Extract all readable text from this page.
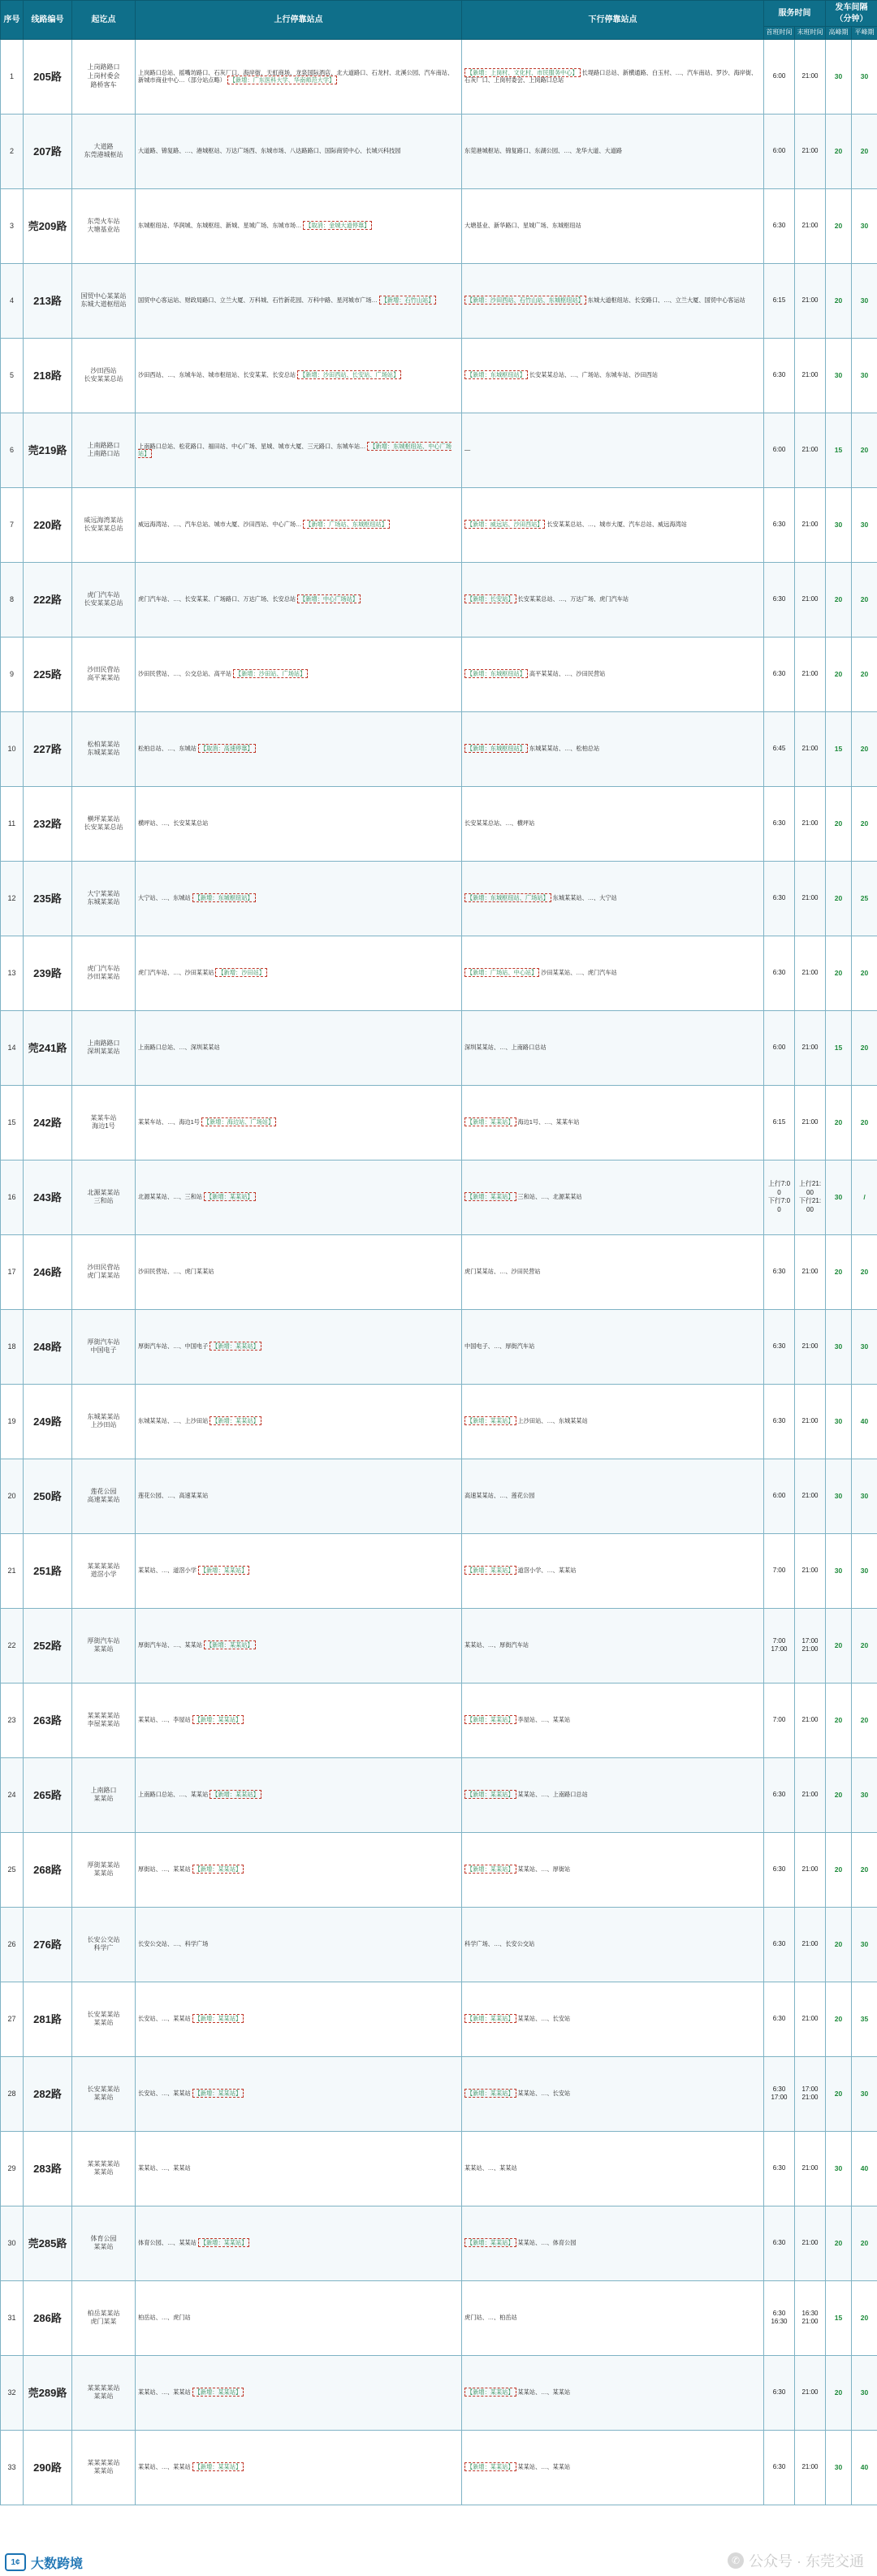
序号	线路编号	起讫点	上行停靠站点	下行停靠站点	服务时间		发车间隔
（分钟）	
					首班时间	末班时间	高峰期	平峰期
1	205路	上岗路路口
上岗村委会
路桥客车	上岗路口总站、摇嘴坊路口、石灰厂口、海岸街、天虹商场、龙泉国际酒店、北大道路口、石龙村、北溪公园、汽车南站、新城市商业中心…（部分站点略） 【新增：广东医科大学、华南师范大学】	【新增：上岗村、文化村、市民服务中心】 长堤路口总站、新横通路、白玉村、…、汽车南站、罗沙、海岸街、石灰厂口、上岗村委会、上岗路口总站	6:00	21:00	30	30
2	207路	大道路
东莞港城枢站	大道路、锦复路、…、港城枢站、万达广场西、东城市场、八达路路口、国际商贸中心、长城兴科技园	东莞港城枢站、锦复路口、东湖公园、…、龙华大道、大道路	6:00	21:00	20	20
3	莞209路	东莞火车站
大塘基业站	东城枢纽站、华润城、东城枢纽、新城、星城广场、东城市场… 【取消：金城大道停靠】	大塘基业、新华路口、星城广场、东城枢纽站	6:30	21:00	20	30
4	213路	国贸中心某某站
东城大道枢纽站	国贸中心客运站、财政局路口、立兰大厦、万科城、石竹新花园、万科中路、星河城市广场… 【新增：石竹山站】	【新增：沙田西站、石竹山站、东城枢纽站】 东城大道枢纽站、长安路口、…、立兰大厦、国贸中心客运站	6:15	21:00	20	30
5	218路	沙田西站
长安某某总站	沙田西站、…、东城车站、城市枢纽站、长安某某、长安总站 【新增：沙田西站、长安站、广场站】	【新增：东城枢纽站】 长安某某总站、…、广场站、东城车站、沙田西站	6:30	21:00	30	30
6	莞219路	上南路路口
上南路口站	上南路口总站、松花路口、福田站、中心广场、星城、城市大厦、三元路口、东城车站… 【新增：东城枢纽站、中心广场站】	—	6:00	21:00	15	20
7	220路	威远海湾某站
长安某某总站	威远海湾站、…、汽车总站、城市大厦、沙田西站、中心广场… 【新增：广场站、东城枢纽站】	【新增：威远站、沙田西站】 长安某某总站、…、城市大厦、汽车总站、威远海湾站	6:30	21:00	30	30
8	222路	虎门汽车站
长安某某总站	虎门汽车站、…、长安某某、广场路口、万达广场、长安总站 【新增：中心广场站】	【新增：长安站】 长安某某总站、…、万达广场、虎门汽车站	6:30	21:00	20	20
9	225路	沙田民营站
高平某某站	沙田民营站、…、公交总站、高平站 【新增：沙田站、广场站】	【新增：东城枢纽站】 高平某某站、…、沙田民营站	6:30	21:00	20	20
10	227路	松柏某某站
东城某某站	松柏总站、…、东城站 【取消：高速停靠】	【新增：东城枢纽站】 东城某某站、…、松柏总站	6:45	21:00	15	20
11	232路	横坪某某站
长安某某总站	横坪站、…、长安某某总站	长安某某总站、…、横坪站	6:30	21:00	20	20
12	235路	大宁某某站
东城某某站	大宁站、…、东城站 【新增：东城枢纽站】	【新增：东城枢纽站、广场站】 东城某某站、…、大宁站	6:30	21:00	20	25
13	239路	虎门汽车站
沙田某某站	虎门汽车站、…、沙田某某站 【新增：沙田站】	【新增：广场站、中心站】 沙田某某站、…、虎门汽车站	6:30	21:00	20	20
14	莞241路	上南路路口
深圳某某站	上南路口总站、…、深圳某某站	深圳某某站、…、上南路口总站	6:00	21:00	15	20
15	242路	某某车站
海边1号	某某车站、…、海边1号 【新增：海边站、广场站】	【新增：某某站】 海边1号、…、某某车站	6:15	21:00	20	20
16	243路	北源某某站
三和站	北源某某站、…、三和站 【新增：某某站】	【新增：某某站】 三和站、…、北源某某站	上行7:00
下行7:00	上行21:00
下行21:00	30	/
17	246路	沙田民营站
虎门某某站	沙田民营站、…、虎门某某站	虎门某某站、…、沙田民营站	6:30	21:00	20	20
18	248路	厚街汽车站
中国电子	厚街汽车站、…、中国电子 【新增：某某站】	中国电子、…、厚街汽车站	6:30	21:00	30	30
19	249路	东城某某站
上沙田站	东城某某站、…、上沙田站 【新增：某某站】	【新增：某某站】 上沙田站、…、东城某某站	6:30	21:00	30	40
20	250路	莲花公园
高速某某站	莲花公园、…、高速某某站	高速某某站、…、莲花公园	6:00	21:00	30	30
21	251路	某某某某站
道滘小学	某某站、…、道滘小学 【新增：某某站】	【新增：某某站】 道滘小学、…、某某站	7:00	21:00	30	30
22	252路	厚街汽车站
某某站	厚街汽车站、…、某某站 【新增：某某站】	某某站、…、厚街汽车站	7:00
17:00	17:00
21:00	20	20
23	263路	某某某某站
李屋某某站	某某站、…、李屋站 【新增：某某站】	【新增：某某站】 李屋站、…、某某站	7:00	21:00	20	20
24	265路	上南路口
某某站	上南路口总站、…、某某站 【新增：某某站】	【新增：某某站】 某某站、…、上南路口总站	6:30	21:00	20	30
25	268路	厚街某某站
某某站	厚街站、…、某某站 【新增：某某站】	【新增：某某站】 某某站、…、厚街站	6:30	21:00	20	20
26	276路	长安公交站
科学广	长安公交站、…、科学广场	科学广场、…、长安公交站	6:30	21:00	20	30
27	281路	长安某某站
某某站	长安站、…、某某站 【新增：某某站】	【新增：某某站】 某某站、…、长安站	6:30	21:00	20	35
28	282路	长安某某站
某某站	长安站、…、某某站 【新增：某某站】	【新增：某某站】 某某站、…、长安站	6:30
17:00	17:00
21:00	20	30
29	283路	某某某某站
某某站	某某站、…、某某站	某某站、…、某某站	6:30	21:00	30	40
30	莞285路	体育公园
某某站	体育公园、…、某某站 【新增：某某站】	【新增：某某站】 某某站、…、体育公园	6:30	21:00	20	20
31	286路	柏岳某某站
虎门某某	柏岳站、…、虎门站	虎门站、…、柏岳站	6:30
16:30	16:30
21:00	15	20
32	莞289路	某某某某站
某某站	某某站、…、某某站 【新增：某某站】	【新增：某某站】 某某站、…、某某站	6:30	21:00	20	30
33	290路	某某某某站
某某站	某某站、…、某某站 【新增：某某站】	【新增：某某站】 某某站、…、某某站	6:30	21:00	30	40
1¢ 大数跨境	✆ 公众号 · 东莞交通
